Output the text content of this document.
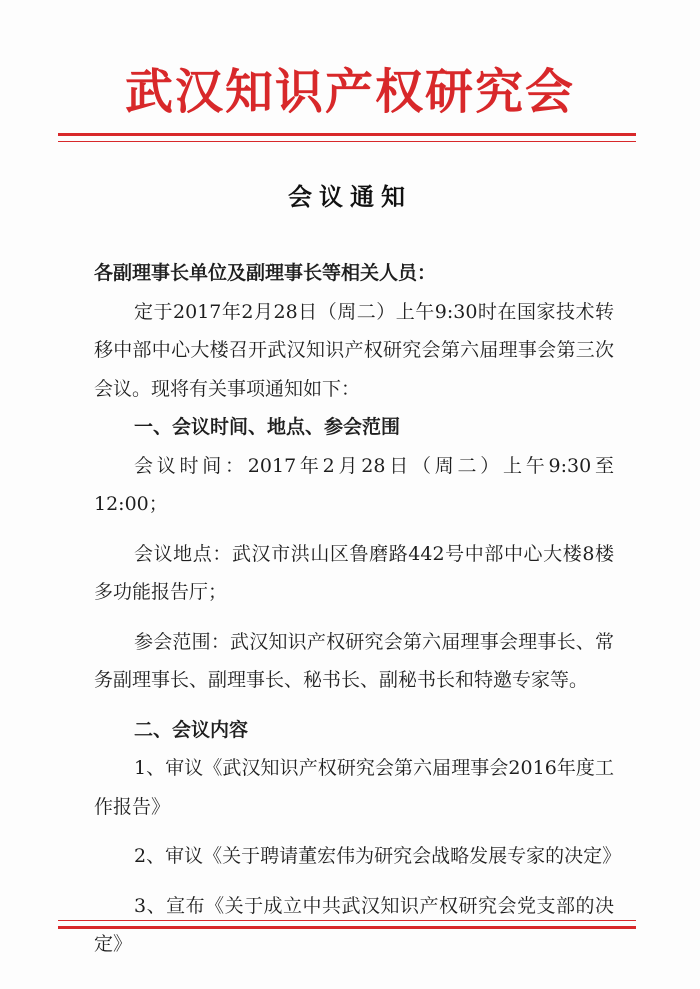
武汉知识产权研究会
会议通知

各副理事长单位及副理事长等相关人员：

定于2017年2月28日（周二）上午9:30时在国家技术转移中部中心大楼召开武汉知识产权研究会第六届理事会第三次会议。现将有关事项通知如下：

一、会议时间、地点、参会范围

会议时间：2017年2月28日（周二）上午9:30至12:00；

会议地点：武汉市洪山区鲁磨路442号中部中心大楼8楼多功能报告厅；

参会范围：武汉知识产权研究会第六届理事会理事长、常务副理事长、副理事长、秘书长、副秘书长和特邀专家等。

二、会议内容

1、审议《武汉知识产权研究会第六届理事会2016年度工作报告》

2、审议《关于聘请董宏伟为研究会战略发展专家的决定》

3、宣布《关于成立中共武汉知识产权研究会党支部的决定》
